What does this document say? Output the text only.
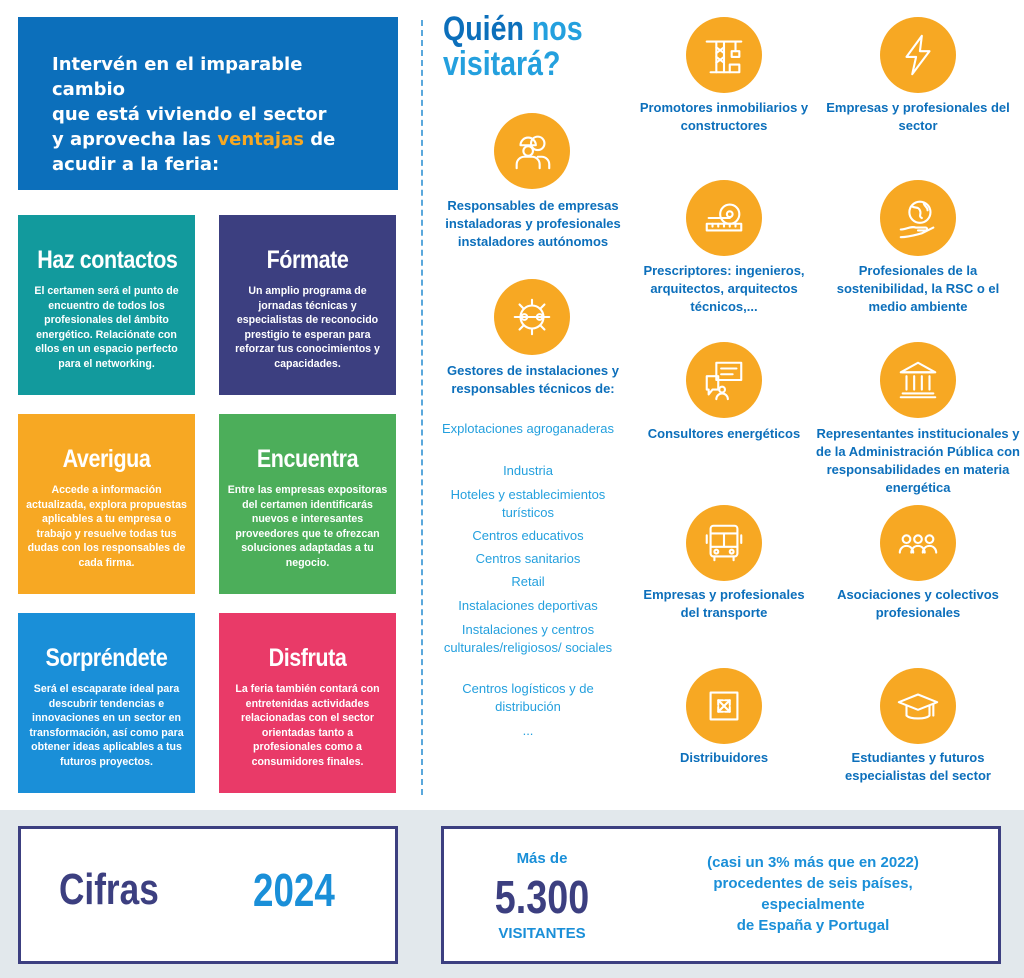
Intervén en el imparable cambio
que está viviendo el sector
y aprovecha las ventajas de
acudir a la feria:

Haz contactos

El certamen será el punto de encuentro de todos los profesionales del ámbito energético. Relaciónate con ellos en un espacio perfecto para el networking.

Fórmate

Un amplio programa de jornadas técnicas y especialistas de reconocido prestigio te esperan para reforzar tus conocimientos y capacidades.

Averigua

Accede a información actualizada, explora propuestas aplicables a tu empresa o trabajo y resuelve todas tus dudas con los responsables de cada firma.

Encuentra

Entre las empresas expositoras del certamen identificarás nuevos e interesantes proveedores que te ofrezcan soluciones adaptadas a tu negocio.

Sorpréndete

Será el escaparate ideal para descubrir tendencias e innovaciones en un sector en transformación, así como para obtener ideas aplicables a tus futuros proyectos.

Disfruta

La feria también contará con entretenidas actividades relacionadas con el sector orientadas tanto a profesionales como a consumidores finales.

Quién nos
visitará?
Responsables de empresas instaladoras y profesionales instaladores autónomos
Gestores de instalaciones y responsables técnicos de:
Explotaciones agroganaderas
Industria
Hoteles y establecimientos turísticos
Centros educativos
Centros sanitarios
Retail
Instalaciones deportivas
Instalaciones y centros culturales/religiosos/ sociales
Centros logísticos y de distribución
...
Promotores inmobiliarios y constructores
Prescriptores: ingenieros, arquitectos, arquitectos técnicos,...
Consultores energéticos
Empresas y profesionales del transporte
Distribuidores
Empresas y profesionales del sector
Profesionales de la sostenibilidad, la RSC o el medio ambiente
Representantes institucionales y de la Administración Pública con responsabilidades en materia energética
Asociaciones y colectivos profesionales
Estudiantes y futuros especialistas del sector
Cifras 2024
Más de
5.300
VISITANTES
(casi un 3% más que en 2022)
procedentes de seis países,
especialmente
de España y Portugal
